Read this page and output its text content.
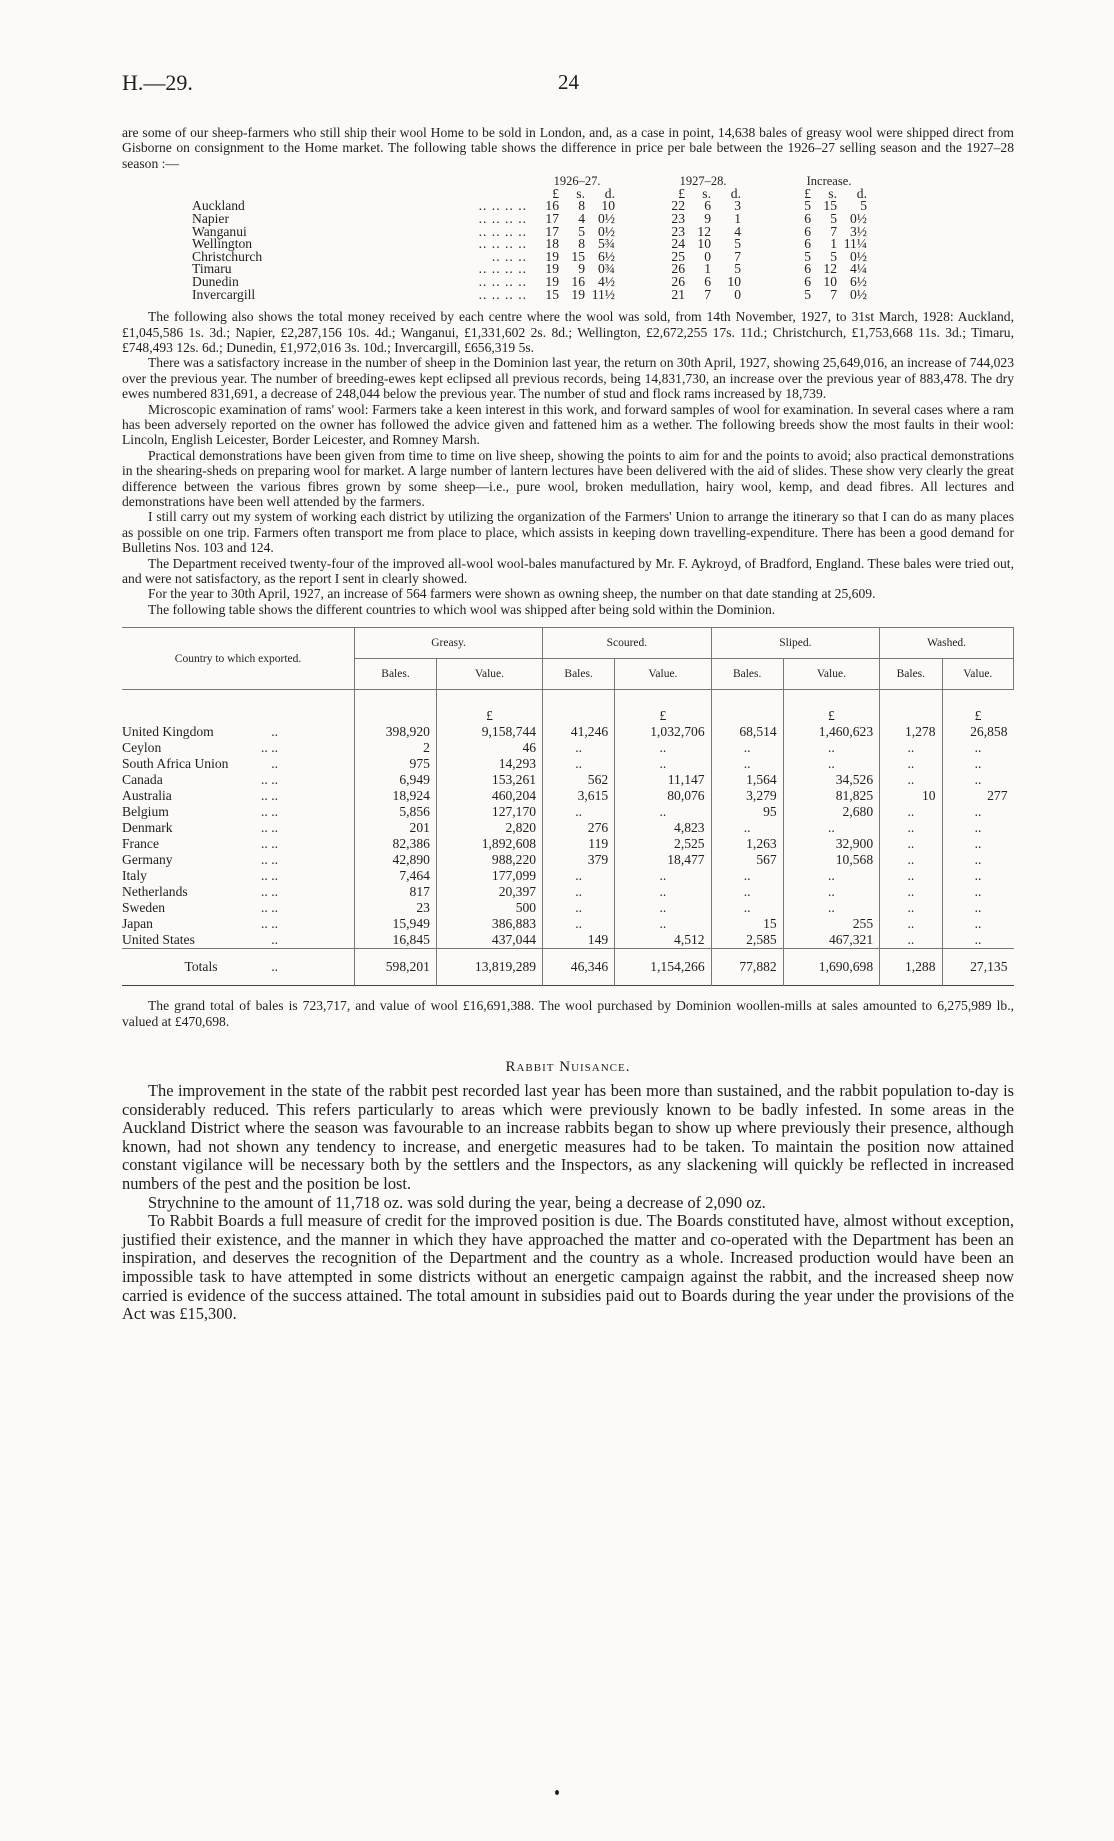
H.—29.	24

are some of our sheep-farmers who still ship their wool Home to be sold in London, and, as a case in point, 14,638 bales of greasy wool were shipped direct from Gisborne on consignment to the Home market. The following table shows the difference in price per bale between the 1926–27 selling season and the 1927–28 season :—

		1926–27.				1927–28.				Increase.		
		£	s.	d.		£	s.	d.		£	s.	d.
Auckland	.. .. .. ..	16	8	10		22	6	3		5	15	5
Napier	.. .. .. ..	17	4	0½		23	9	1		6	5	0½
Wanganui	.. .. .. ..	17	5	0½		23	12	4		6	7	3½
Wellington	.. .. .. ..	18	8	5¾		24	10	5		6	1	11¼
Christchurch	.. .. ..	19	15	6½		25	0	7		5	5	0½
Timaru	.. .. .. ..	19	9	0¾		26	1	5		6	12	4¼
Dunedin	.. .. .. ..	19	16	4½		26	6	10		6	10	6½
Invercargill	.. .. .. ..	15	19	11½		21	7	0		5	7	0½

The following also shows the total money received by each centre where the wool was sold, from 14th November, 1927, to 31st March, 1928: Auckland, £1,045,586 1s. 3d.; Napier, £2,287,156 10s. 4d.; Wanganui, £1,331,602 2s. 8d.; Wellington, £2,672,255 17s. 11d.; Christchurch, £1,753,668 11s. 3d.; Timaru, £748,493 12s. 6d.; Dunedin, £1,972,016 3s. 10d.; Invercargill, £656,319 5s.

There was a satisfactory increase in the number of sheep in the Dominion last year, the return on 30th April, 1927, showing 25,649,016, an increase of 744,023 over the previous year. The number of breeding-ewes kept eclipsed all previous records, being 14,831,730, an increase over the previous year of 883,478. The dry ewes numbered 831,691, a decrease of 248,044 below the previous year. The number of stud and flock rams increased by 18,739.

Microscopic examination of rams' wool: Farmers take a keen interest in this work, and forward samples of wool for examination. In several cases where a ram has been adversely reported on the owner has followed the advice given and fattened him as a wether. The following breeds show the most faults in their wool: Lincoln, English Leicester, Border Leicester, and Romney Marsh.

Practical demonstrations have been given from time to time on live sheep, showing the points to aim for and the points to avoid; also practical demonstrations in the shearing-sheds on preparing wool for market. A large number of lantern lectures have been delivered with the aid of slides. These show very clearly the great difference between the various fibres grown by some sheep—i.e., pure wool, broken medullation, hairy wool, kemp, and dead fibres. All lectures and demonstrations have been well attended by the farmers.

I still carry out my system of working each district by utilizing the organization of the Farmers' Union to arrange the itinerary so that I can do as many places as possible on one trip. Farmers often transport me from place to place, which assists in keeping down travelling-expenditure. There has been a good demand for Bulletins Nos. 103 and 124.

The Department received twenty-four of the improved all-wool wool-bales manufactured by Mr. F. Aykroyd, of Bradford, England. These bales were tried out, and were not satisfactory, as the report I sent in clearly showed.

For the year to 30th April, 1927, an increase of 564 farmers were shown as owning sheep, the number on that date standing at 25,609.

The following table shows the different countries to which wool was shipped after being sold within the Dominion.

Country to which exported.	Greasy.		Scoured.		Sliped.		Washed.	
	Bales.	Value.	Bales.	Value.	Bales.	Value.	Bales.	Value.
		£		£		£		£
United Kingdom ..	398,920	9,158,744	41,246	1,032,706	68,514	1,460,623	1,278	26,858
Ceylon .. ..	2	46	..	..	..	..	..	..
South Africa Union ..	975	14,293	..	..	..	..	..	..
Canada .. ..	6,949	153,261	562	11,147	1,564	34,526	..	..
Australia .. ..	18,924	460,204	3,615	80,076	3,279	81,825	10	277
Belgium .. ..	5,856	127,170	..	..	95	2,680	..	..
Denmark .. ..	201	2,820	276	4,823	..	..	..	..
France .. ..	82,386	1,892,608	119	2,525	1,263	32,900	..	..
Germany .. ..	42,890	988,220	379	18,477	567	10,568	..	..
Italy .. ..	7,464	177,099	..	..	..	..	..	..
Netherlands .. ..	817	20,397	..	..	..	..	..	..
Sweden .. ..	23	500	..	..	..	..	..	..
Japan .. ..	15,949	386,883	..	..	15	255	..	..
United States ..	16,845	437,044	149	4,512	2,585	467,321	..	..
Totals ..	598,201	13,819,289	46,346	1,154,266	77,882	1,690,698	1,288	27,135

The grand total of bales is 723,717, and value of wool £16,691,388. The wool purchased by Dominion woollen-mills at sales amounted to 6,275,989 lb., valued at £470,698.

Rabbit Nuisance.

The improvement in the state of the rabbit pest recorded last year has been more than sustained, and the rabbit population to-day is considerably reduced. This refers particularly to areas which were previously known to be badly infested. In some areas in the Auckland District where the season was favourable to an increase rabbits began to show up where previously their presence, although known, had not shown any tendency to increase, and energetic measures had to be taken. To maintain the position now attained constant vigilance will be necessary both by the settlers and the Inspectors, as any slackening will quickly be reflected in increased numbers of the pest and the position be lost.

Strychnine to the amount of 11,718 oz. was sold during the year, being a decrease of 2,090 oz.

To Rabbit Boards a full measure of credit for the improved position is due. The Boards constituted have, almost without exception, justified their existence, and the manner in which they have approached the matter and co-operated with the Department has been an inspiration, and deserves the recognition of the Department and the country as a whole. Increased production would have been an impossible task to have attempted in some districts without an energetic campaign against the rabbit, and the increased sheep now carried is evidence of the success attained. The total amount in subsidies paid out to Boards during the year under the provisions of the Act was £15,300.
